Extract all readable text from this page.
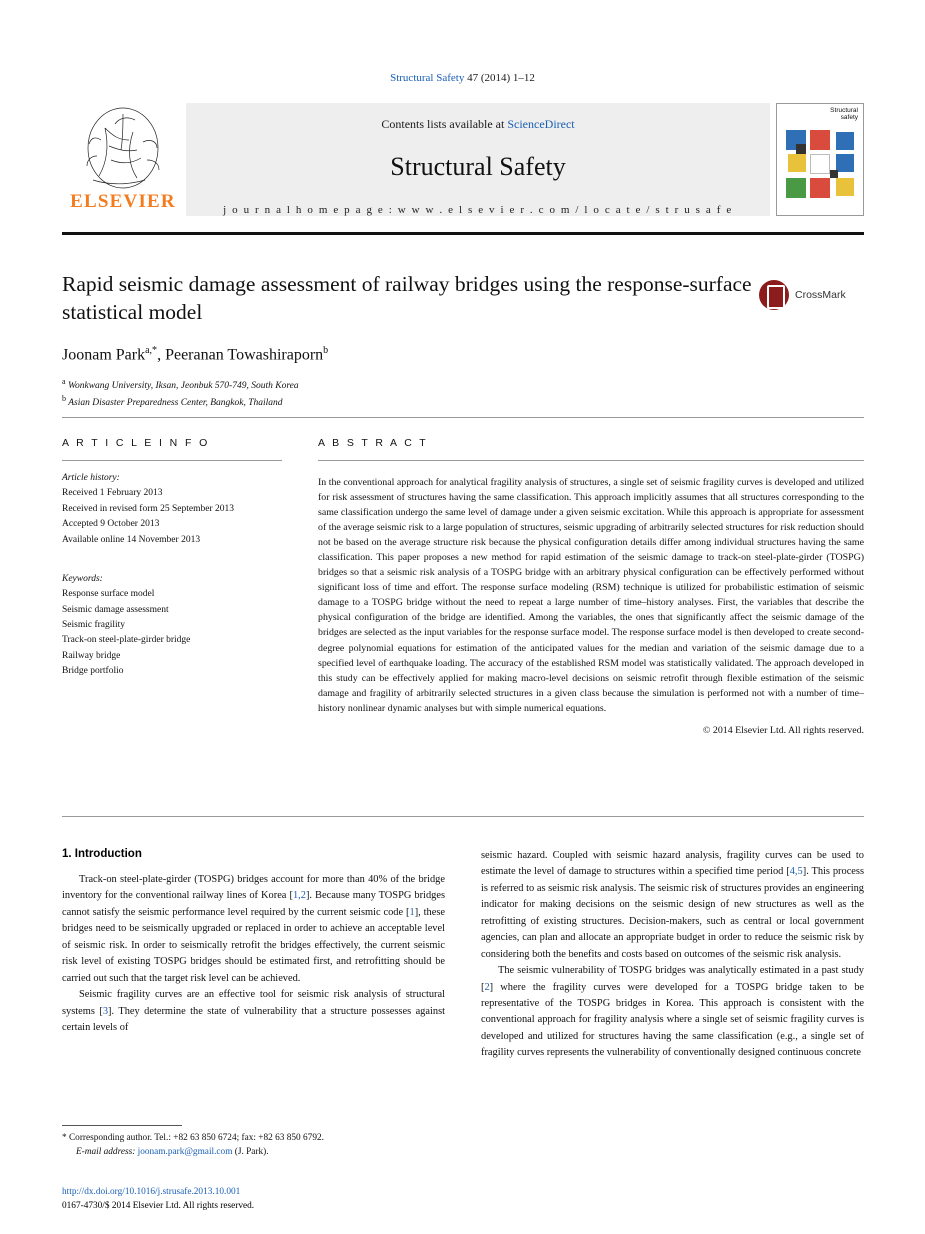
Structural Safety 47 (2014) 1–12
ELSEVIER
Contents lists available at ScienceDirect
Structural Safety
j o u r n a l h o m e p a g e : w w w . e l s e v i e r . c o m / l o c a t e / s t r u s a f e
Structural
safety
Rapid seismic damage assessment of railway bridges using the response-surface statistical model
Joonam Park$^{a,*}$, Peeranan Towashiraporn$^b$
$^a$ Wonkwang University, Iksan, Jeonbuk 570-749, South Korea
$^b$ Asian Disaster Preparedness Center, Bangkok, Thailand
CrossMark
A R T I C L E I N F O
Article history:
Received 1 February 2013
Received in revised form 25 September 2013
Accepted 9 October 2013
Available online 14 November 2013
Keywords:
Response surface model
Seismic damage assessment
Seismic fragility
Track-on steel-plate-girder bridge
Railway bridge
Bridge portfolio
A B S T R A C T
In the conventional approach for analytical fragility analysis of structures, a single set of seismic fragility curves is developed and utilized for risk assessment of structures having the same classification. This approach implicitly assumes that all structures corresponding to the same classification undergo the same level of damage under a given seismic excitation. While this approach is appropriate for assessment of the average seismic risk to a large population of structures, seismic upgrading of arbitrarily selected structures for risk reduction should not be based on the average structure risk because the physical configuration details differ among individual structures having the same classification. This paper proposes a new method for rapid estimation of the seismic damage to track-on steel-plate-girder (TOSPG) bridges so that a seismic risk analysis of a TOSPG bridge with an arbitrary physical configuration can be effectively performed without significant loss of time and effort. The response surface modeling (RSM) technique is utilized for probabilistic estimation of seismic damage to a TOSPG bridge without the need to repeat a large number of time–history analyses. First, the variables that describe the physical configuration of the bridge are identified. Among the variables, the ones that significantly affect the seismic damage of the bridges are selected as the input variables for the response surface model. The response surface model is then developed to create second-degree polynomial equations for estimation of the anticipated values for the median and variation of the seismic damage due to a specified level of earthquake loading. The accuracy of the established RSM model was statistically validated. The approach developed in this study can be effectively applied for making macro-level decisions on seismic retrofit through flexible estimation of the seismic damage and fragility of arbitrarily selected structures in a given class because the simulation is performed not with a number of time–history nonlinear dynamic analyses but with simple numerical equations.
© 2014 Elsevier Ltd. All rights reserved.
1. Introduction

Track-on steel-plate-girder (TOSPG) bridges account for more than 40% of the bridge inventory for the conventional railway lines of Korea [1,2]. Because many TOSPG bridges cannot satisfy the seismic performance level required by the current seismic code [1], these bridges need to be seismically upgraded or replaced in order to achieve an acceptable level of seismic risk. In order to seismically retrofit the bridges effectively, the current seismic risk level of existing TOSPG bridges should be estimated first, and retrofitting should be carried out such that the target risk level can be achieved.

Seismic fragility curves are an effective tool for seismic risk analysis of structural systems [3]. They determine the state of vulnerability that a structure possesses against certain levels of

seismic hazard. Coupled with seismic hazard analysis, fragility curves can be used to estimate the level of damage to structures within a specified time period [4,5]. This process is referred to as seismic risk analysis. The seismic risk of structures provides an engineering indicator for making decisions on the seismic design of new structures as well as the retrofitting of existing structures. Decision-makers, such as central or local government agencies, can plan and allocate an appropriate budget in order to reduce the seismic risk by considering both the benefits and costs based on outcomes of the seismic risk analysis.

The seismic vulnerability of TOSPG bridges was analytically estimated in a past study [2] where the fragility curves were developed for a TOSPG bridge taken to be representative of the TOSPG bridges in Korea. This approach is consistent with the conventional approach for fragility analysis where a single set of seismic fragility curves is developed and utilized for structures having the same classification (e.g., a single set of fragility curves represents the vulnerability of conventionally designed continuous concrete

* Corresponding author. Tel.: +82 63 850 6724; fax: +82 63 850 6792.
E-mail address: joonam.park@gmail.com (J. Park).
http://dx.doi.org/10.1016/j.strusafe.2013.10.001
0167-4730/$ 2014 Elsevier Ltd. All rights reserved.
